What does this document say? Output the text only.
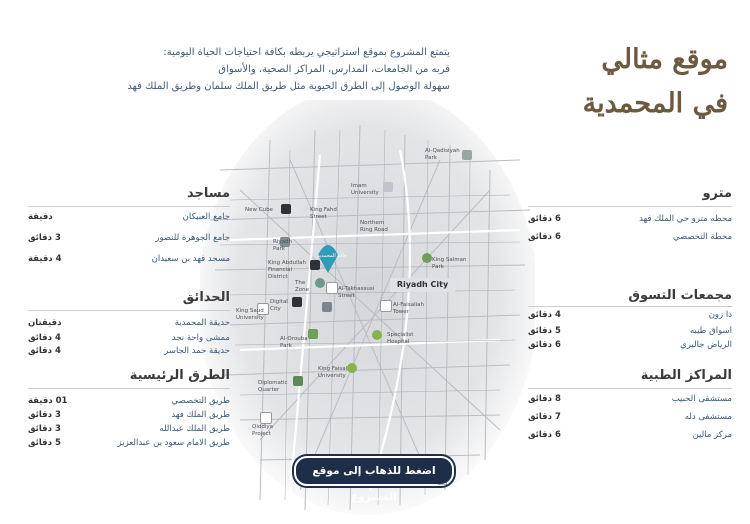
موقع مثالي
في المحمدية
يتمتع المشروع بموقع استراتيجي يربطه بكافة احتياجات الحياة اليومية:
قربه من الجامعات، المدارس، المراكز الصحية، والأسواق
سهولة الوصول إلى الطرق الحيوية مثل طريق الملك سلمان وطريق الملك فهد
Al-Qadisiyah Park
Imam University
King Fahd Street
New Cube
Northern Ring Road
Riyadh Park
King Abdullah Financial District
جادة المحمدية
King Salman Park
The Zone
Riyadh City
Al-Takhassusi Street
Digital City
Al-Faisaliah Tower
King Saud University
Al-Orouba Park
Specialist Hospital
King Faisal University
Diplomatic Quarter
Qiddiya Project
مساجد
جامع العبيكان
دقيقة
جامع الجوهرة للنصور
3 دقائق
مسجد فهد بن سعيدان
4 دقيقة
الحدائق
حديقة المحمدية
دقيقتان
ممشى واحة نجد
4 دقائق
حديقة حمد الجاسر
4 دقائق
الطرق الرئيسية
طريق التخصصي
01 دقيقة
طريق الملك فهد
3 دقائق
طريق الملك عبدالله
3 دقائق
طريق الامام سعود بن عبدالعزيز
5 دقائق
مترو
محطه مترو حي الملك فهد
6 دقائق
محطة التخصصي
6 دقائق
مجمعات التسوق
ذا زون
4 دقائق
اسواق طيبه
5 دقائق
الرياض جاليري
6 دقائق
المراكز الطبية
مستشفى الحبيب
8 دقائق
مستشفى دله
7 دقائق
مركز مالين
6 دقائق
اضغط للذهاب إلى موقع المشروع
☝
